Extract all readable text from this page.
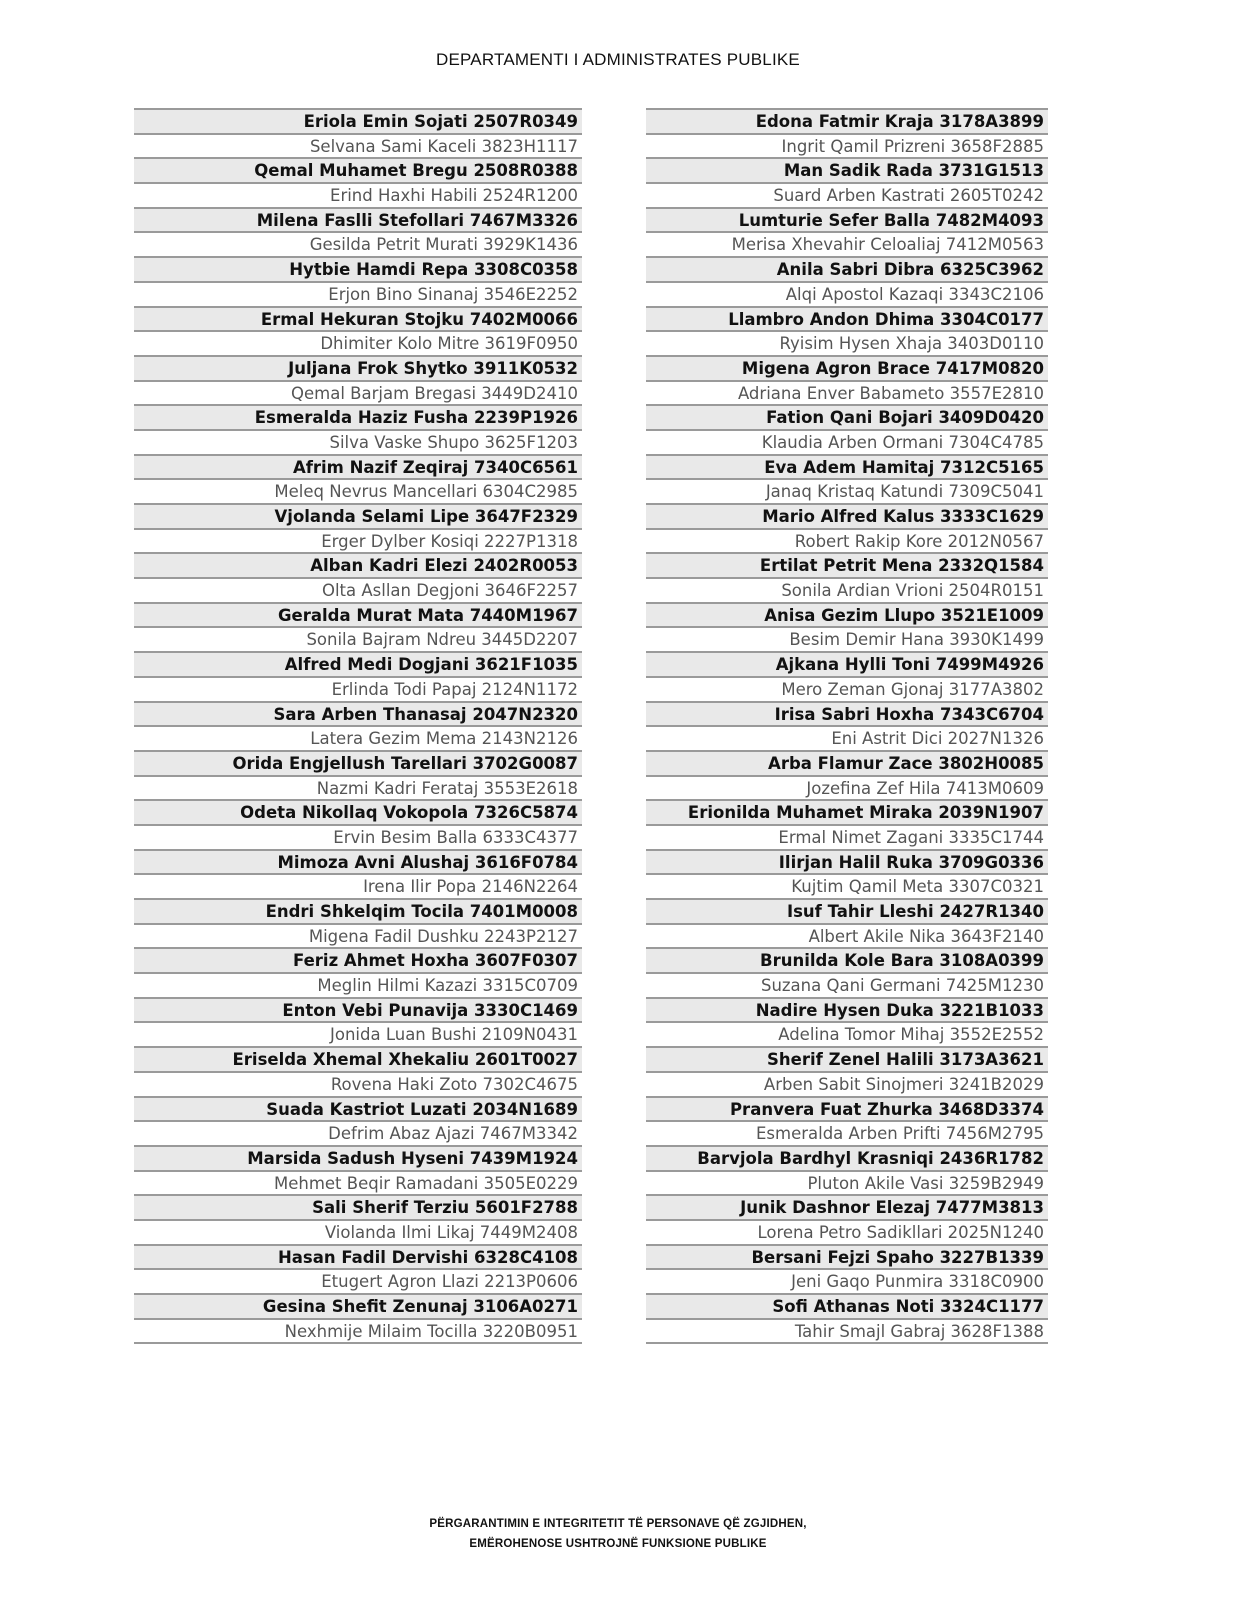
DEPARTAMENTI I ADMINISTRATES PUBLIKE
Eriola Emin Sojati 2507R0349
Selvana Sami Kaceli 3823H1117
Qemal Muhamet Bregu 2508R0388
Erind Haxhi Habili 2524R1200
Milena Faslli Stefollari 7467M3326
Gesilda Petrit Murati 3929K1436
Hytbie Hamdi Repa 3308C0358
Erjon Bino Sinanaj 3546E2252
Ermal Hekuran Stojku 7402M0066
Dhimiter Kolo Mitre 3619F0950
Juljana Frok Shytko 3911K0532
Qemal Barjam Bregasi 3449D2410
Esmeralda Haziz Fusha 2239P1926
Silva Vaske Shupo 3625F1203
Afrim Nazif Zeqiraj 7340C6561
Meleq Nevrus Mancellari 6304C2985
Vjolanda Selami Lipe 3647F2329
Erger Dylber Kosiqi 2227P1318
Alban Kadri Elezi 2402R0053
Olta Asllan Degjoni 3646F2257
Geralda Murat Mata 7440M1967
Sonila Bajram Ndreu 3445D2207
Alfred Medi Dogjani 3621F1035
Erlinda Todi Papaj 2124N1172
Sara Arben Thanasaj 2047N2320
Latera Gezim Mema 2143N2126
Orida Engjellush Tarellari 3702G0087
Nazmi Kadri Ferataj 3553E2618
Odeta Nikollaq Vokopola 7326C5874
Ervin Besim Balla 6333C4377
Mimoza Avni Alushaj 3616F0784
Irena Ilir Popa 2146N2264
Endri Shkelqim Tocila 7401M0008
Migena Fadil Dushku 2243P2127
Feriz Ahmet Hoxha 3607F0307
Meglin Hilmi Kazazi 3315C0709
Enton Vebi Punavija 3330C1469
Jonida Luan Bushi 2109N0431
Eriselda Xhemal Xhekaliu 2601T0027
Rovena Haki Zoto 7302C4675
Suada Kastriot Luzati 2034N1689
Defrim Abaz Ajazi 7467M3342
Marsida Sadush Hyseni 7439M1924
Mehmet Beqir Ramadani 3505E0229
Sali Sherif Terziu 5601F2788
Violanda Ilmi Likaj 7449M2408
Hasan Fadil Dervishi 6328C4108
Etugert Agron Llazi 2213P0606
Gesina Shefit Zenunaj 3106A0271
Nexhmije Milaim Tocilla 3220B0951
Edona Fatmir Kraja 3178A3899
Ingrit Qamil Prizreni 3658F2885
Man Sadik Rada 3731G1513
Suard Arben Kastrati 2605T0242
Lumturie Sefer Balla 7482M4093
Merisa Xhevahir Celoaliaj 7412M0563
Anila Sabri Dibra 6325C3962
Alqi Apostol Kazaqi 3343C2106
Llambro Andon Dhima 3304C0177
Ryisim Hysen Xhaja 3403D0110
Migena Agron Brace 7417M0820
Adriana Enver Babameto 3557E2810
Fation Qani Bojari 3409D0420
Klaudia Arben Ormani 7304C4785
Eva Adem Hamitaj 7312C5165
Janaq Kristaq Katundi 7309C5041
Mario Alfred Kalus 3333C1629
Robert Rakip Kore 2012N0567
Ertilat Petrit Mena 2332Q1584
Sonila Ardian Vrioni 2504R0151
Anisa Gezim Llupo 3521E1009
Besim Demir Hana 3930K1499
Ajkana Hylli Toni 7499M4926
Mero Zeman Gjonaj 3177A3802
Irisa Sabri Hoxha 7343C6704
Eni Astrit Dici 2027N1326
Arba Flamur Zace 3802H0085
Jozefina Zef Hila 7413M0609
Erionilda Muhamet Miraka 2039N1907
Ermal Nimet Zagani 3335C1744
Ilirjan Halil Ruka 3709G0336
Kujtim Qamil Meta 3307C0321
Isuf Tahir Lleshi 2427R1340
Albert Akile Nika 3643F2140
Brunilda Kole Bara 3108A0399
Suzana Qani Germani 7425M1230
Nadire Hysen Duka 3221B1033
Adelina Tomor Mihaj 3552E2552
Sherif Zenel Halili 3173A3621
Arben Sabit Sinojmeri 3241B2029
Pranvera Fuat Zhurka 3468D3374
Esmeralda Arben Prifti 7456M2795
Barvjola Bardhyl Krasniqi 2436R1782
Pluton Akile Vasi 3259B2949
Junik Dashnor Elezaj 7477M3813
Lorena Petro Sadikllari 2025N1240
Bersani Fejzi Spaho 3227B1339
Jeni Gaqo Punmira 3318C0900
Sofi Athanas Noti 3324C1177
Tahir Smajl Gabraj 3628F1388
PËRGARANTIMIN E INTEGRITETIT TË PERSONAVE QË ZGJIDHEN,
EMËROHENOSE USHTROJNË FUNKSIONE PUBLIKE
